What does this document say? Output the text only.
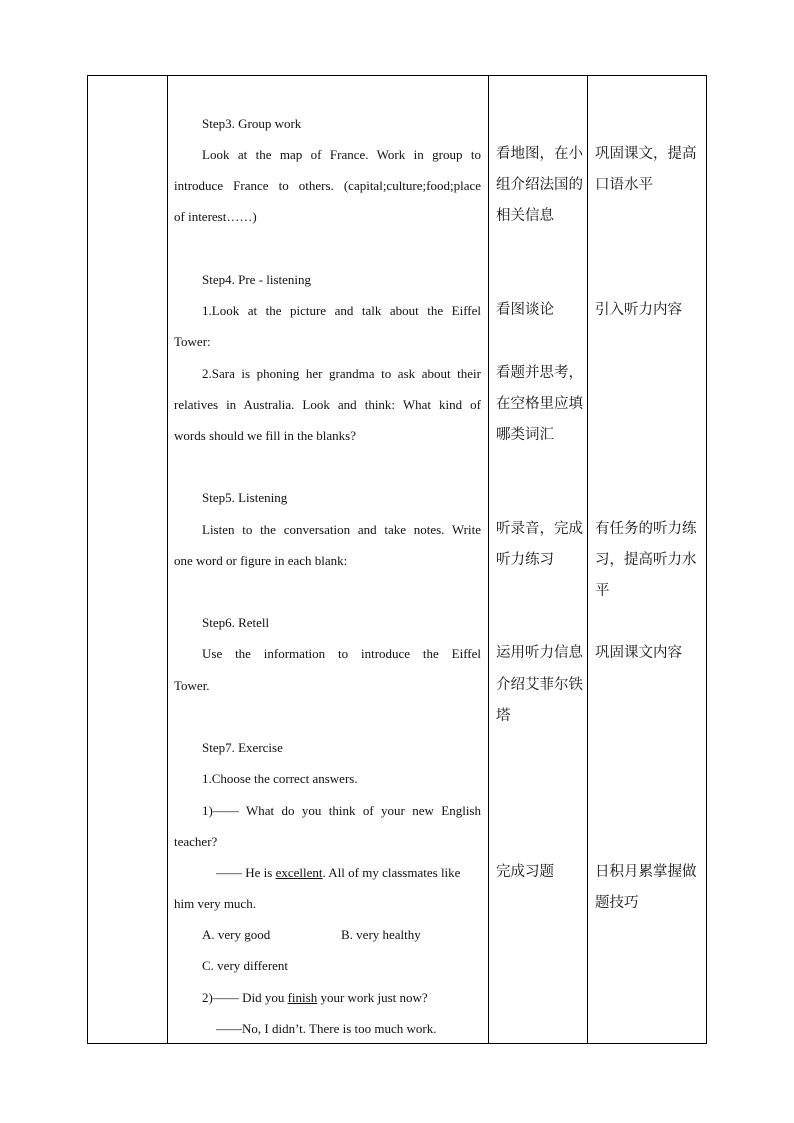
Step3. Group work
Look at the map of France. Work in group to
introduce France to others. (capital;culture;food;place
of interest……)
Step4. Pre - listening
1.Look at the picture and talk about the Eiffel
Tower:
2.Sara is phoning her grandma to ask about their
relatives in Australia. Look and think: What kind of
words should we fill in the blanks?
Step5. Listening
Listen to the conversation and take notes. Write
one word or figure in each blank:
Step6. Retell
Use the information to introduce the Eiffel
Tower.
Step7. Exercise
1.Choose the correct answers.
1)—— What do you think of your new English
teacher?
—— He is excellent. All of my classmates like
him very much.
A. very good	B. very healthy
C. very different
2)—— Did you finish your work just now?
——No, I didn’t. There is too much work.
看地图，在小
组介绍法国的
相关信息
看图谈论
看题并思考，
在空格里应填
哪类词汇
听录音，完成
听力练习
运用听力信息
介绍艾菲尔铁
塔
完成习题
巩固课文，提高
口语水平
引入听力内容
有任务的听力练
习，提高听力水
平
巩固课文内容
日积月累掌握做
题技巧
